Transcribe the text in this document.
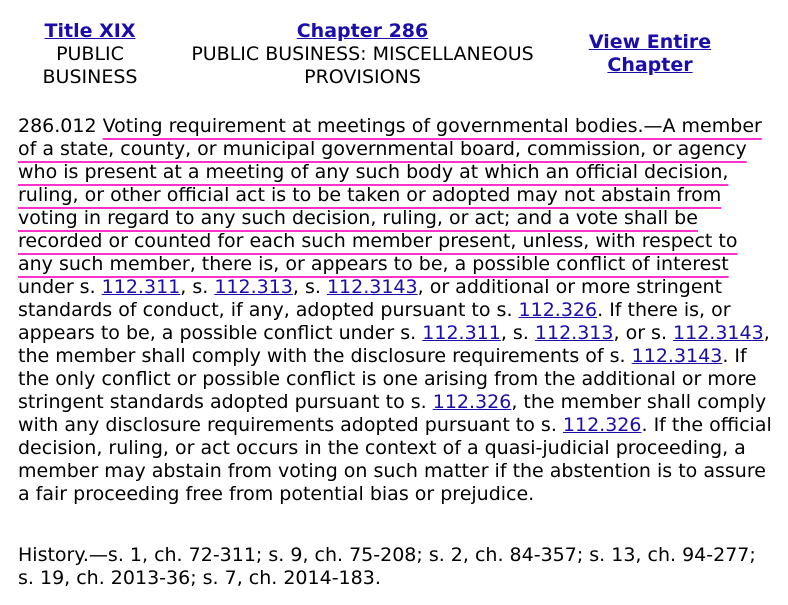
Title XIX
PUBLIC
BUSINESS
Chapter 286
PUBLIC BUSINESS: MISCELLANEOUS
PROVISIONS
View Entire
Chapter
286.012 Voting requirement at meetings of governmental bodies.—A member of a state, county, or municipal governmental board, commission, or agency who is present at a meeting of any such body at which an official decision, ruling, or other official act is to be taken or adopted may not abstain from voting in regard to any such decision, ruling, or act; and a vote shall be recorded or counted for each such member present, unless, with respect to any such member, there is, or appears to be, a possible conflict of interest under s. 112.311, s. 112.313, s. 112.3143, or additional or more stringent standards of conduct, if any, adopted pursuant to s. 112.326. If there is, or appears to be, a possible conflict under s. 112.311, s. 112.313, or s. 112.3143, the member shall comply with the disclosure requirements of s. 112.3143. If the only conflict or possible conflict is one arising from the additional or more stringent standards adopted pursuant to s. 112.326, the member shall comply with any disclosure requirements adopted pursuant to s. 112.326. If the official decision, ruling, or act occurs in the context of a quasi-judicial proceeding, a member may abstain from voting on such matter if the abstention is to assure a fair proceeding free from potential bias or prejudice.
History.—s. 1, ch. 72-311; s. 9, ch. 75-208; s. 2, ch. 84-357; s. 13, ch. 94-277; s. 19, ch. 2013-36; s. 7, ch. 2014-183.
